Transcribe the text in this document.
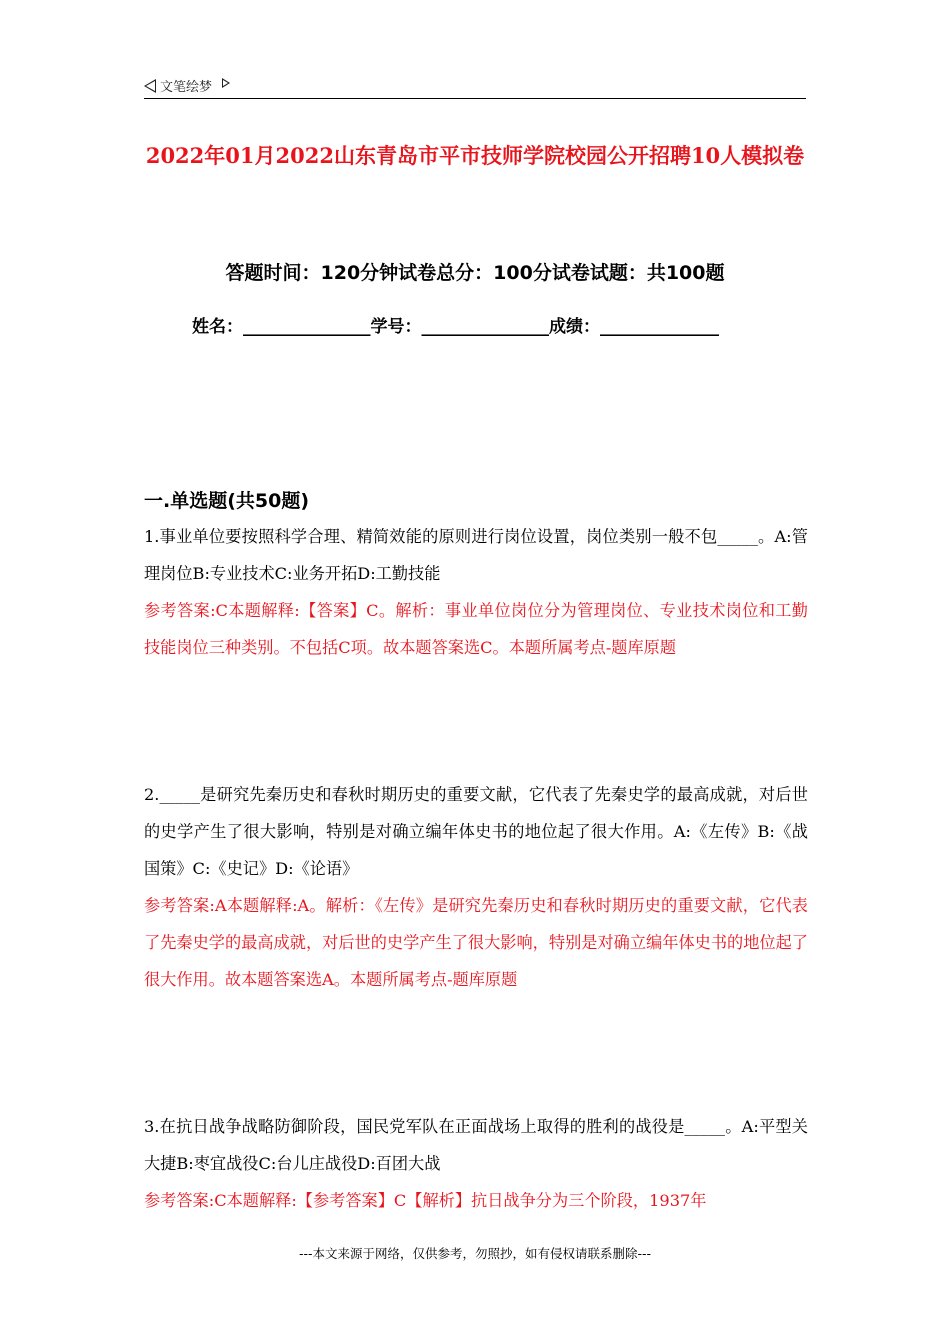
文笔绘梦
2022年01月2022山东青岛市平市技师学院校园公开招聘10人模拟卷
答题时间：120分钟试卷总分：100分试卷试题：共100题
姓名：_______________学号：_______________成绩：______________
一.单选题(共50题)
1.事业单位要按照科学合理、精简效能的原则进行岗位设置，岗位类别一般不包_____。A:管理岗位B:专业技术C:业务开拓D:工勤技能
参考答案:C本题解释:【答案】C。解析：事业单位岗位分为管理岗位、专业技术岗位和工勤技能岗位三种类别。不包括C项。故本题答案选C。本题所属考点-题库原题
2._____是研究先秦历史和春秋时期历史的重要文献，它代表了先秦史学的最高成就，对后世的史学产生了很大影响，特别是对确立编年体史书的地位起了很大作用。A:《左传》B:《战国策》C:《史记》D:《论语》
参考答案:A本题解释:A。解析：《左传》是研究先秦历史和春秋时期历史的重要文献，它代表了先秦史学的最高成就，对后世的史学产生了很大影响，特别是对确立编年体史书的地位起了很大作用。故本题答案选A。本题所属考点-题库原题
3.在抗日战争战略防御阶段，国民党军队在正面战场上取得的胜利的战役是_____。A:平型关大捷B:枣宜战役C:台儿庄战役D:百团大战
参考答案:C本题解释:【参考答案】C【解析】抗日战争分为三个阶段，1937年
---本文来源于网络，仅供参考，勿照抄，如有侵权请联系删除---
